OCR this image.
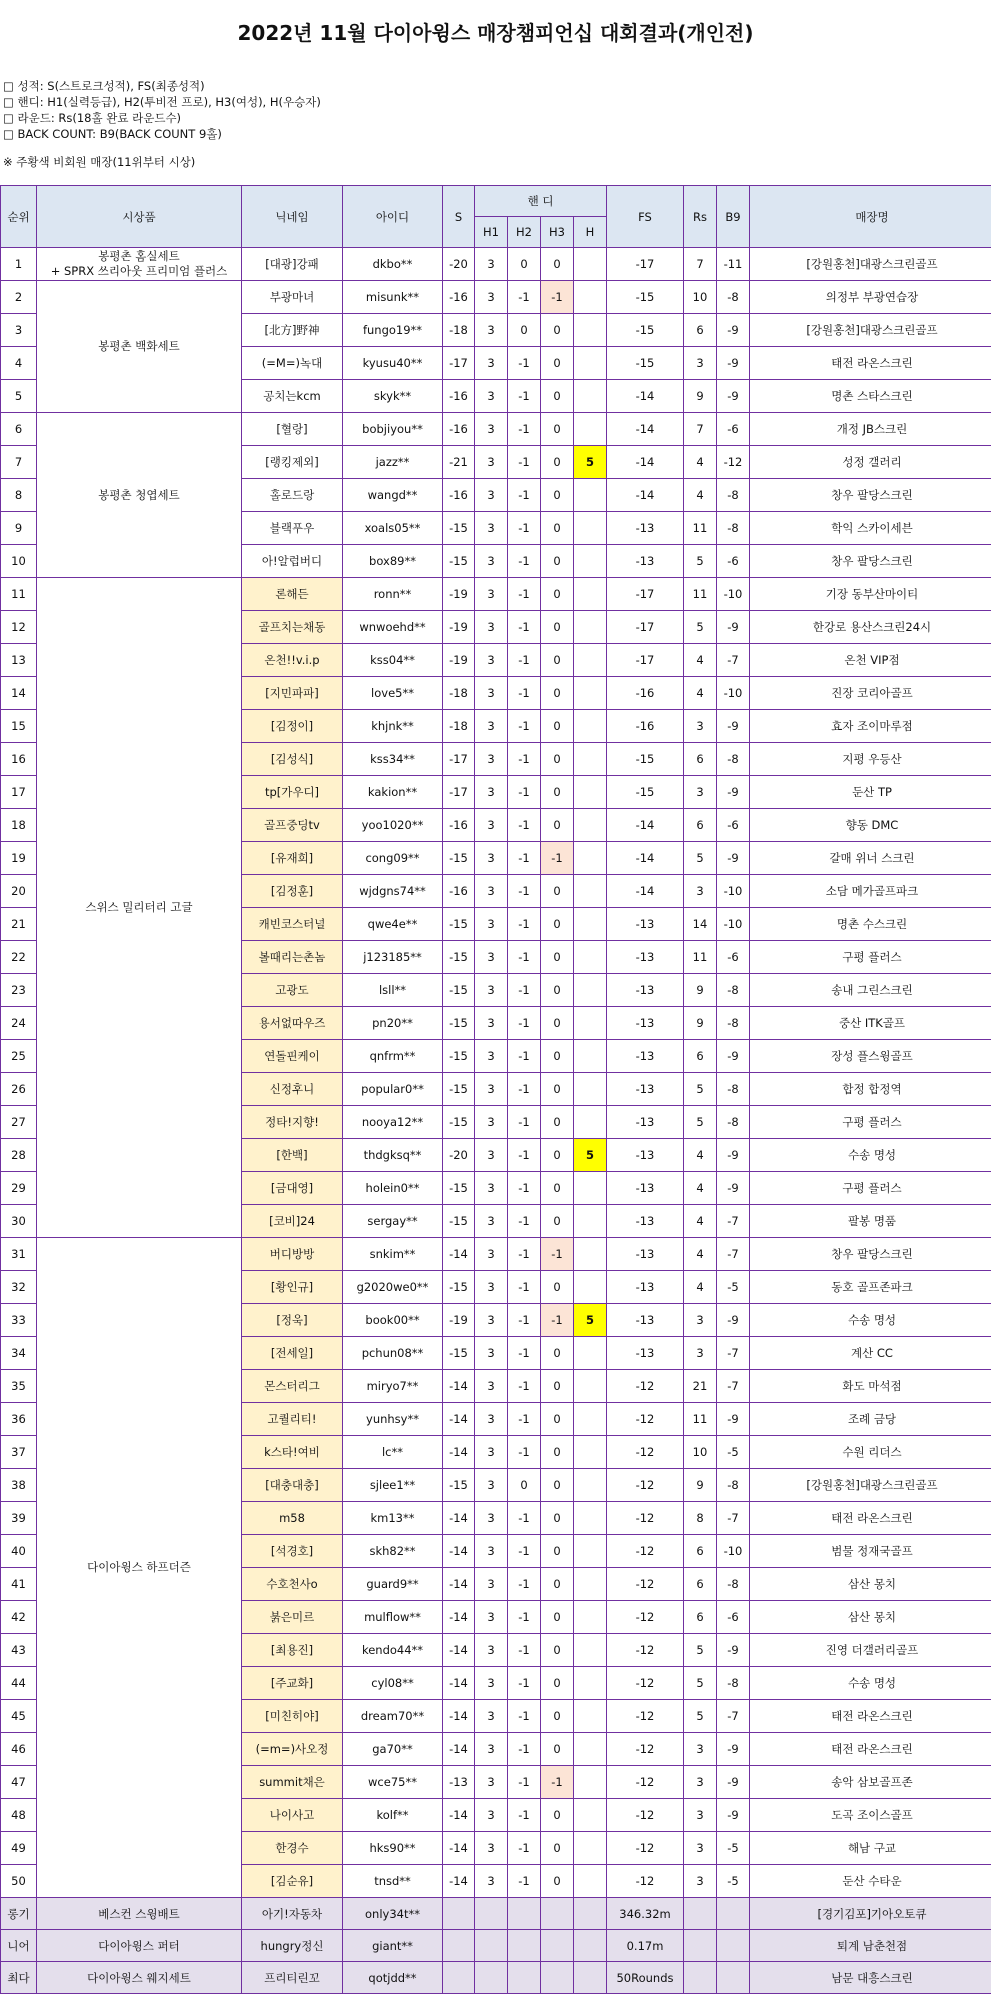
2022년 11월 다이아윙스 매장챔피언십 대회결과(개인전)
□ 성적: S(스트로크성적), FS(최종성적)
□ 핸디: H1(실력등급), H2(투비전 프로), H3(여성), H(우승자)
□ 라운드: Rs(18홀 완료 라운드수)
□ BACK COUNT: B9(BACK COUNT 9홀)
※ 주황색 비회원 매장(11위부터 시상)
순위	시상품	닉네임	아이디	S	핸 디				FS	Rs	B9	매장명
					H1	H2	H3	H				
1	봉평촌 홈실세트
+ SPRX 쓰리아웃 프리미엄 플러스	[대광]강패	dkbo**	-20	3	0	0		-17	7	-11	[강원홍천]대광스크린골프
2	봉평촌 백화세트	부광마녀	misunk**	-16	3	-1	-1		-15	10	-8	의정부 부광연습장
3		[北方]野神	fungo19**	-18	3	0	0		-15	6	-9	[강원홍천]대광스크린골프
4		(=M=)녹대	kyusu40**	-17	3	-1	0		-15	3	-9	태전 라온스크린
5		공치는kcm	skyk**	-16	3	-1	0		-14	9	-9	명촌 스타스크린
6	봉평촌 청엽세트	[혈랑]	bobjiyou**	-16	3	-1	0		-14	7	-6	개정 JB스크린
7		[랭킹제외]	jazz**	-21	3	-1	0	5	-14	4	-12	성정 갤러리
8		홀로드랑	wangd**	-16	3	-1	0		-14	4	-8	창우 팔당스크린
9		블랙푸우	xoals05**	-15	3	-1	0		-13	11	-8	학익 스카이세븐
10		아!알럽버디	box89**	-15	3	-1	0		-13	5	-6	창우 팔당스크린
11	스위스 밀리터리 고글	론해든	ronn**	-19	3	-1	0		-17	11	-10	기장 동부산마이티
12		골프치는채동	wnwoehd**	-19	3	-1	0		-17	5	-9	한강로 용산스크린24시
13		온천!!v.i.p	kss04**	-19	3	-1	0		-17	4	-7	온천 VIP점
14		[지민파파]	love5**	-18	3	-1	0		-16	4	-10	진장 코리아골프
15		[김정이]	khjnk**	-18	3	-1	0		-16	3	-9	효자 조이마루점
16		[김성식]	kss34**	-17	3	-1	0		-15	6	-8	지평 우등산
17		tp[가우디]	kakion**	-17	3	-1	0		-15	3	-9	둔산 TP
18		골프중딩tv	yoo1020**	-16	3	-1	0		-14	6	-6	향동 DMC
19		[유재희]	cong09**	-15	3	-1	-1		-14	5	-9	갈매 위너 스크린
20		[김정훈]	wjdgns74**	-16	3	-1	0		-14	3	-10	소담 메가골프파크
21		캐빈코스터널	qwe4e**	-15	3	-1	0		-13	14	-10	명촌 수스크린
22		볼때리는촌놈	j123185**	-15	3	-1	0		-13	11	-6	구평 플러스
23		고광도	lsll**	-15	3	-1	0		-13	9	-8	송내 그린스크린
24		용서없따우즈	pn20**	-15	3	-1	0		-13	9	-8	중산 ITK골프
25		연돌핀케이	qnfrm**	-15	3	-1	0		-13	6	-9	장성 플스윙골프
26		신정후니	popular0**	-15	3	-1	0		-13	5	-8	합정 합정역
27		정타!지향!	nooya12**	-15	3	-1	0		-13	5	-8	구평 플러스
28		[한백]	thdgksq**	-20	3	-1	0	5	-13	4	-9	수송 명성
29		[금대영]	holein0**	-15	3	-1	0		-13	4	-9	구평 플러스
30		[코비]24	sergay**	-15	3	-1	0		-13	4	-7	팔봉 명품
31	다이아윙스 하프더즌	버디방방	snkim**	-14	3	-1	-1		-13	4	-7	창우 팔당스크린
32		[황인규]	g2020we0**	-15	3	-1	0		-13	4	-5	동호 골프존파크
33		[정욱]	book00**	-19	3	-1	-1	5	-13	3	-9	수송 명성
34		[전세일]	pchun08**	-15	3	-1	0		-13	3	-7	계산 CC
35		몬스터리그	miryo7**	-14	3	-1	0		-12	21	-7	화도 마석점
36		고퀄리티!	yunhsy**	-14	3	-1	0		-12	11	-9	조례 금당
37		k스타!여비	lc**	-14	3	-1	0		-12	10	-5	수원 리더스
38		[대충대충]	sjlee1**	-15	3	0	0		-12	9	-8	[강원홍천]대광스크린골프
39		m58	km13**	-14	3	-1	0		-12	8	-7	태전 라온스크린
40		[석경호]	skh82**	-14	3	-1	0		-12	6	-10	범물 정재국골프
41		수호천사o	guard9**	-14	3	-1	0		-12	6	-8	삼산 몽치
42		붉은미르	mulflow**	-14	3	-1	0		-12	6	-6	삼산 몽치
43		[최용진]	kendo44**	-14	3	-1	0		-12	5	-9	진영 더갤러리골프
44		[주교화]	cyl08**	-14	3	-1	0		-12	5	-8	수송 명성
45		[미친히야]	dream70**	-14	3	-1	0		-12	5	-7	태전 라온스크린
46		(=m=)사오정	ga70**	-14	3	-1	0		-12	3	-9	태전 라온스크린
47		summit채은	wce75**	-13	3	-1	-1		-12	3	-9	송악 삼보골프존
48		나이사고	kolf**	-14	3	-1	0		-12	3	-9	도곡 조이스골프
49		한경수	hks90**	-14	3	-1	0		-12	3	-5	해남 구교
50		[김순유]	tnsd**	-14	3	-1	0		-12	3	-5	둔산 수타운
롱기	베스컨 스윙배트	아기!자동차	only34t**						346.32m			[경기김포]기아오토큐
니어	다이아윙스 퍼터	hungry정신	giant**						0.17m			퇴계 남춘천점
최다	다이아윙스 웨지세트	프리티린꼬	qotjdd**						50Rounds			남문 대흥스크린
